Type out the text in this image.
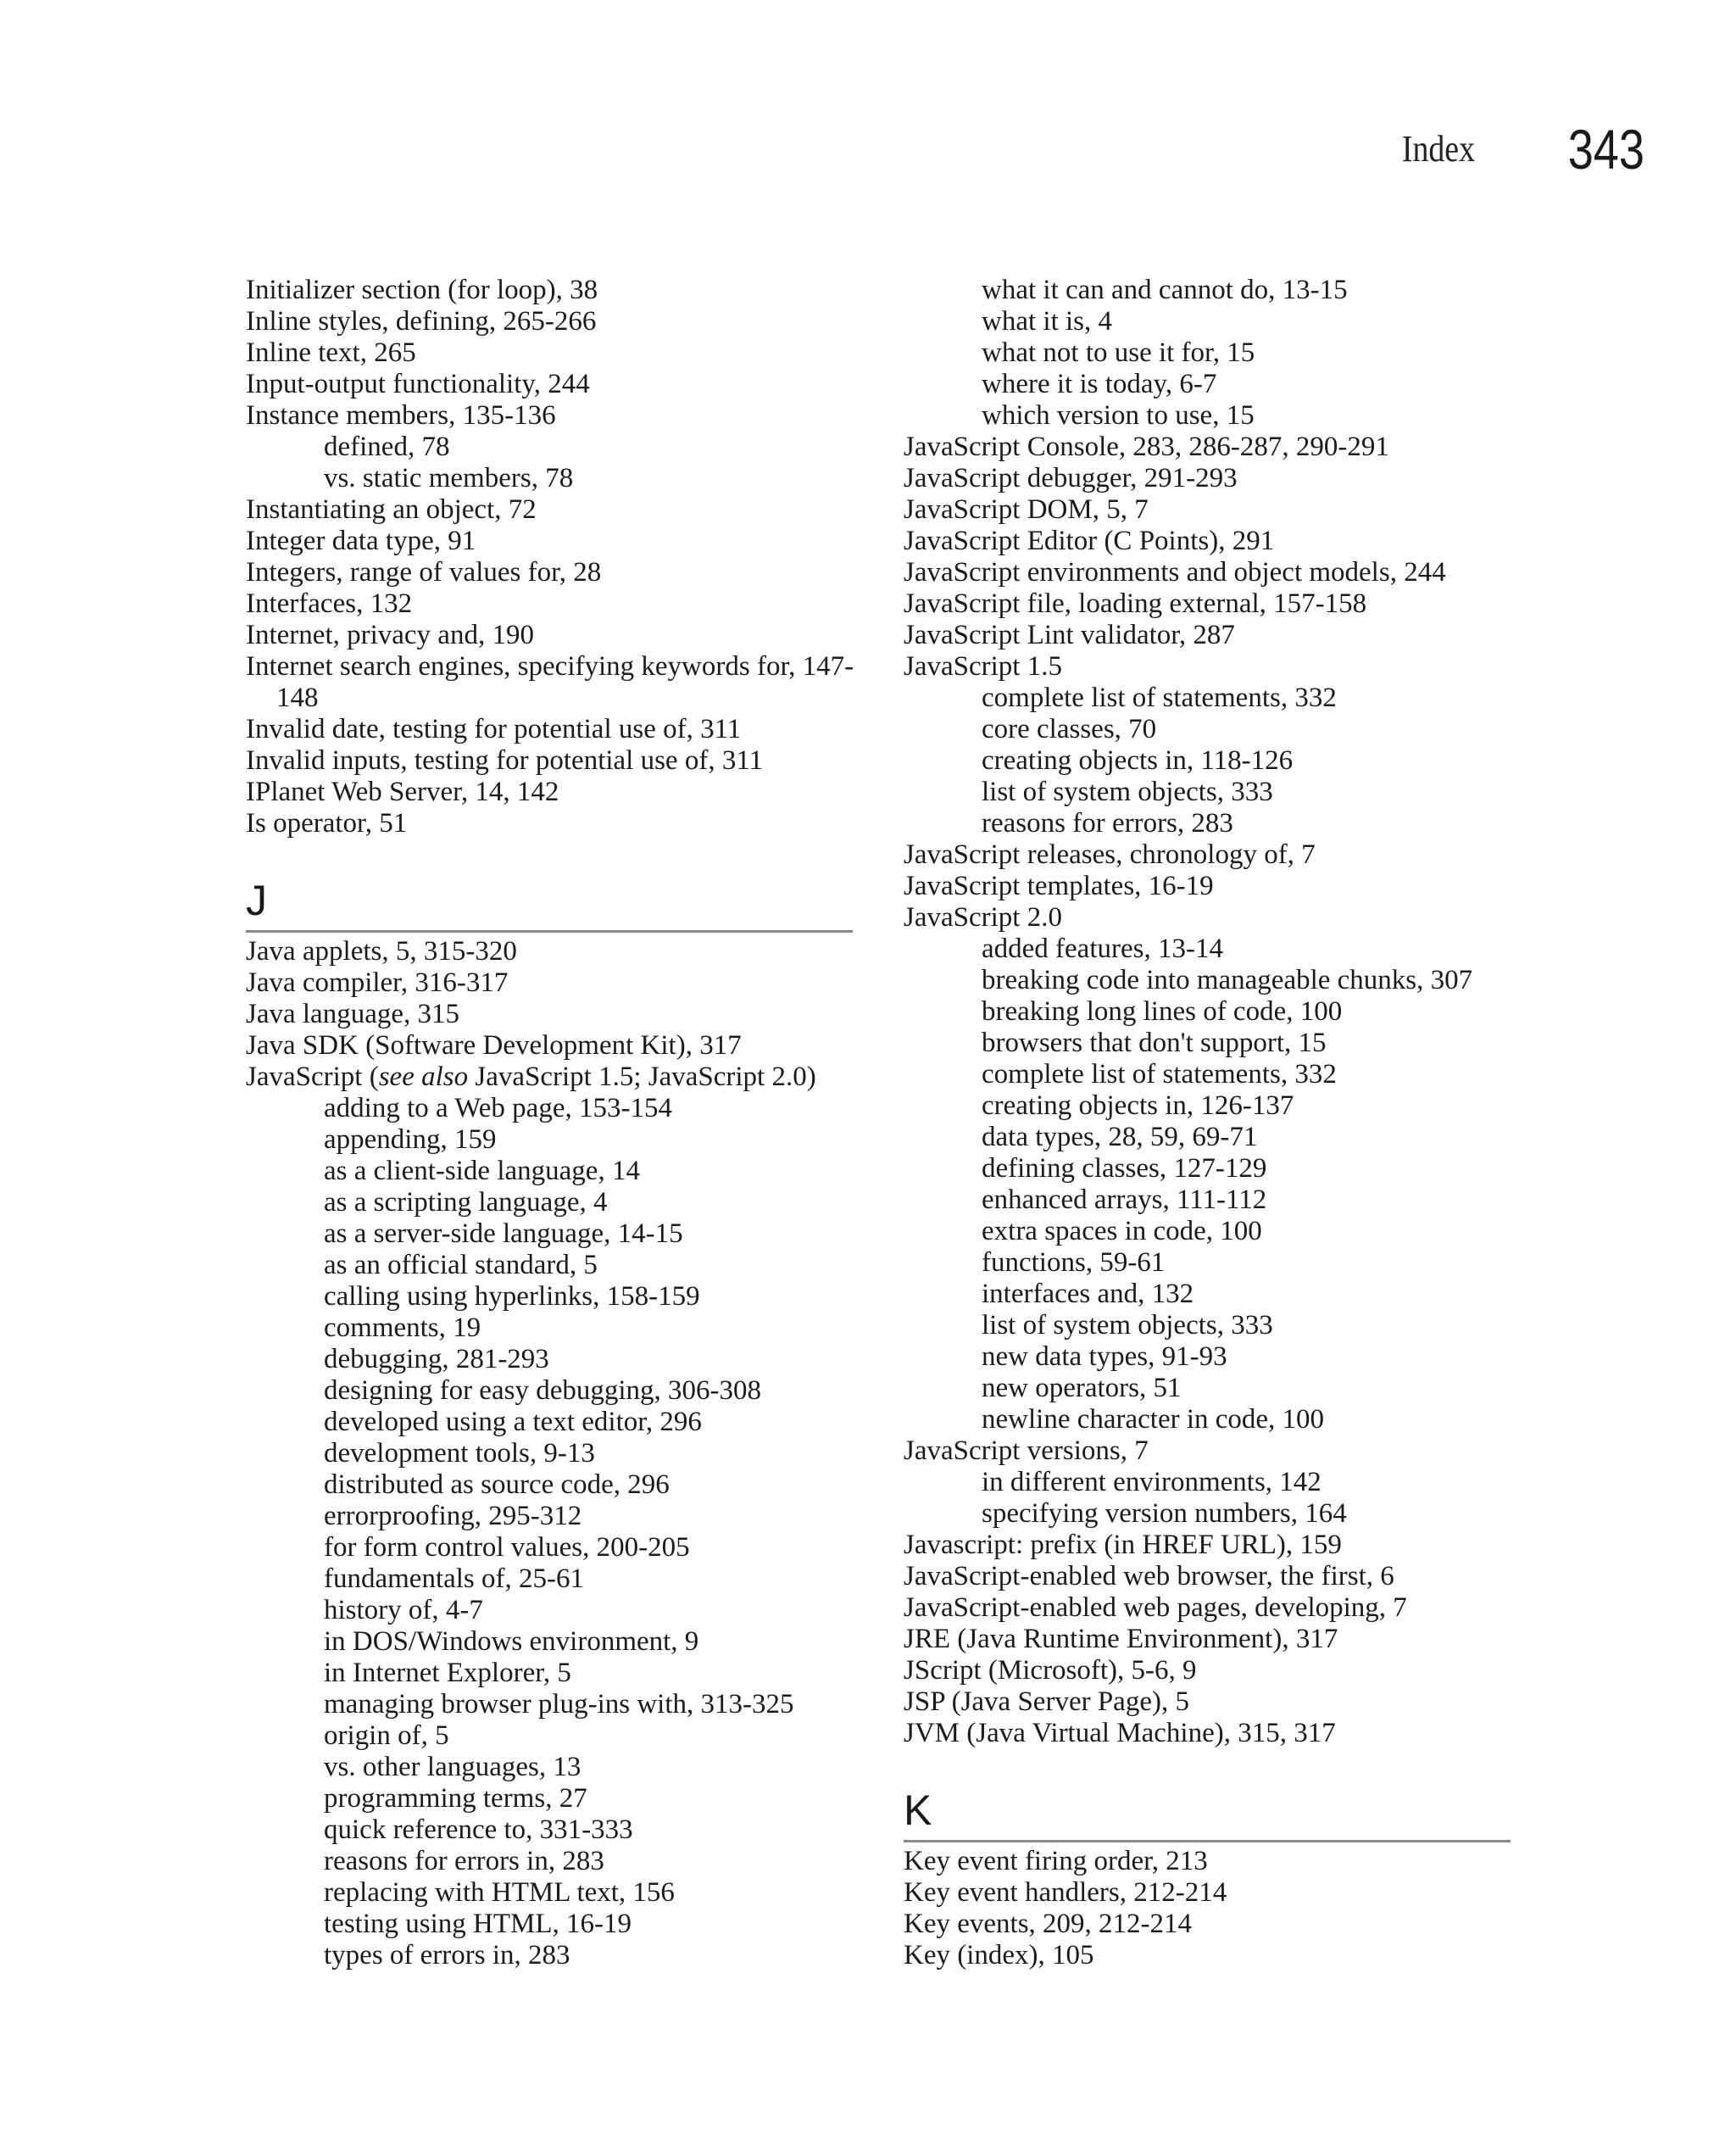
Index	343
Initializer section (for loop), 38
Inline styles, defining, 265-266
Inline text, 265
Input-output functionality, 244
Instance members, 135-136
defined, 78
vs. static members, 78
Instantiating an object, 72
Integer data type, 91
Integers, range of values for, 28
Interfaces, 132
Internet, privacy and, 190
Internet search engines, specifying keywords for, 147-148
Invalid date, testing for potential use of, 311
Invalid inputs, testing for potential use of, 311
IPlanet Web Server, 14, 142
Is operator, 51
J
Java applets, 5, 315-320
Java compiler, 316-317
Java language, 315
Java SDK (Software Development Kit), 317
JavaScript (see also JavaScript 1.5; JavaScript 2.0)
adding to a Web page, 153-154
appending, 159
as a client-side language, 14
as a scripting language, 4
as a server-side language, 14-15
as an official standard, 5
calling using hyperlinks, 158-159
comments, 19
debugging, 281-293
designing for easy debugging, 306-308
developed using a text editor, 296
development tools, 9-13
distributed as source code, 296
errorproofing, 295-312
for form control values, 200-205
fundamentals of, 25-61
history of, 4-7
in DOS/Windows environment, 9
in Internet Explorer, 5
managing browser plug-ins with, 313-325
origin of, 5
vs. other languages, 13
programming terms, 27
quick reference to, 331-333
reasons for errors in, 283
replacing with HTML text, 156
testing using HTML, 16-19
types of errors in, 283
what it can and cannot do, 13-15
what it is, 4
what not to use it for, 15
where it is today, 6-7
which version to use, 15
JavaScript Console, 283, 286-287, 290-291
JavaScript debugger, 291-293
JavaScript DOM, 5, 7
JavaScript Editor (C Points), 291
JavaScript environments and object models, 244
JavaScript file, loading external, 157-158
JavaScript Lint validator, 287
JavaScript 1.5
complete list of statements, 332
core classes, 70
creating objects in, 118-126
list of system objects, 333
reasons for errors, 283
JavaScript releases, chronology of, 7
JavaScript templates, 16-19
JavaScript 2.0
added features, 13-14
breaking code into manageable chunks, 307
breaking long lines of code, 100
browsers that don't support, 15
complete list of statements, 332
creating objects in, 126-137
data types, 28, 59, 69-71
defining classes, 127-129
enhanced arrays, 111-112
extra spaces in code, 100
functions, 59-61
interfaces and, 132
list of system objects, 333
new data types, 91-93
new operators, 51
newline character in code, 100
JavaScript versions, 7
in different environments, 142
specifying version numbers, 164
Javascript: prefix (in HREF URL), 159
JavaScript-enabled web browser, the first, 6
JavaScript-enabled web pages, developing, 7
JRE (Java Runtime Environment), 317
JScript (Microsoft), 5-6, 9
JSP (Java Server Page), 5
JVM (Java Virtual Machine), 315, 317
K
Key event firing order, 213
Key event handlers, 212-214
Key events, 209, 212-214
Key (index), 105
